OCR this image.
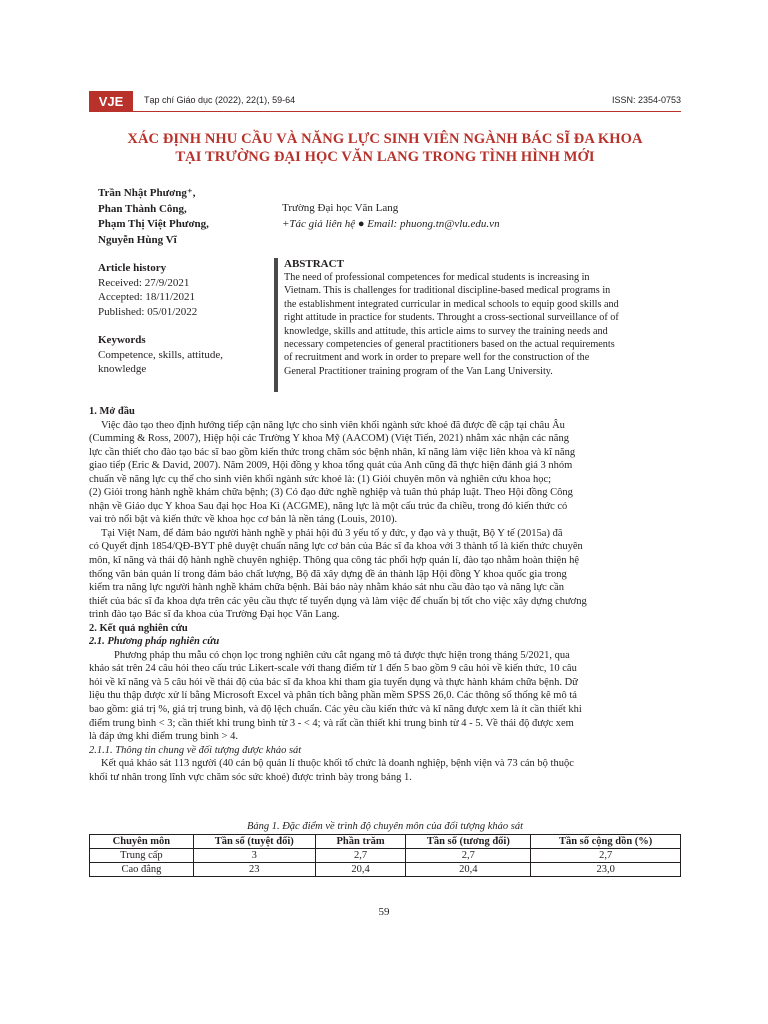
VJE	Tạp chí Giáo dục (2022), 22(1), 59-64	ISSN: 2354-0753
XÁC ĐỊNH NHU CẦU VÀ NĂNG LỰC SINH VIÊN NGÀNH BÁC SĨ ĐA KHOA
TẠI TRƯỜNG ĐẠI HỌC VĂN LANG TRONG TÌNH HÌNH MỚI
Trần Nhật Phương⁺,
Phan Thành Công,
Phạm Thị Việt Phương,
Nguyễn Hùng Vĩ
Trường Đại học Văn Lang
+Tác giả liên hệ ● Email: phuong.tn@vlu.edu.vn
Article history
Received: 27/9/2021
Accepted: 18/11/2021
Published: 05/01/2022
Keywords
Competence, skills, attitude,
knowledge
ABSTRACT
The need of professional competences for medical students is increasing in
Vietnam. This is challenges for traditional discipline-based medical programs in
the establishment integrated curricular in medical schools to equip good skills and
right attitude in practice for students. Throught a cross-sectional surveillance of of
knowledge, skills and attitude, this article aims to survey the training needs and
necessary competencies of general practitioners based on the actual requirements
of recruitment and work in order to prepare well for the construction of the
General Practitioner training program of the Van Lang University.
1. Mở đầu
Việc đào tạo theo định hướng tiếp cận năng lực cho sinh viên khối ngành sức khoẻ đã được đề cập tại châu Âu
(Cumming & Ross, 2007), Hiệp hội các Trường Y khoa Mỹ (AACOM) (Việt Tiến, 2021) nhằm xác nhận các năng
lực cần thiết cho đào tạo bác sĩ bao gồm kiến thức trong chăm sóc bệnh nhân, kĩ năng làm việc liên khoa và kĩ năng
giao tiếp (Eric & David, 2007). Năm 2009, Hội đồng y khoa tổng quát của Anh cũng đã thực hiện đánh giá 3 nhóm
chuẩn về năng lực cụ thể cho sinh viên khối ngành sức khoẻ là: (1) Giỏi chuyên môn và nghiên cứu khoa học;
(2) Giỏi trong hành nghề khám chữa bệnh; (3) Có đạo đức nghề nghiệp và tuân thủ pháp luật. Theo Hội đồng Công
nhận về Giáo dục Y khoa Sau đại học Hoa Kì (ACGME), năng lực là một cấu trúc đa chiều, trong đó kiến thức có
vai trò nổi bật và kiến thức về khoa học cơ bản là nền tảng (Louis, 2010).
Tại Việt Nam, để đảm bảo người hành nghề y phải hội đủ 3 yếu tố y đức, y đạo và y thuật, Bộ Y tế (2015a) đã
có Quyết định 1854/QĐ-BYT phê duyệt chuẩn năng lực cơ bản của Bác sĩ đa khoa với 3 thành tố là kiến thức chuyên
môn, kĩ năng và thái độ hành nghề chuyên nghiệp. Thông qua công tác phối hợp quản lí, đào tạo nhằm hoàn thiện hệ
thống văn bản quản lí trong đảm bảo chất lượng, Bộ đã xây dựng đề án thành lập Hội đồng Y khoa quốc gia trong
kiểm tra năng lực người hành nghề khám chữa bệnh. Bài báo này nhằm khảo sát nhu cầu đào tạo và năng lực cần
thiết của bác sĩ đa khoa dựa trên các yêu cầu thực tế tuyển dụng và làm việc để chuẩn bị tốt cho việc xây dựng chương
trình đào tạo Bác sĩ đa khoa của Trường Đại học Văn Lang.
2. Kết quả nghiên cứu
2.1. Phương pháp nghiên cứu
Phương pháp thu mẫu có chọn lọc trong nghiên cứu cắt ngang mô tả được thực hiện trong tháng 5/2021, qua
khảo sát trên 24 câu hỏi theo cấu trúc Likert-scale với thang điểm từ 1 đến 5 bao gồm 9 câu hỏi về kiến thức, 10 câu
hỏi về kĩ năng và 5 câu hỏi về thái độ của bác sĩ đa khoa khi tham gia tuyển dụng và thực hành khám chữa bệnh. Dữ
liệu thu thập được xử lí bằng Microsoft Excel và phân tích bằng phần mềm SPSS 26,0. Các thông số thống kê mô tả
bao gồm: giá trị %, giá trị trung bình, và độ lệch chuẩn. Các yêu cầu kiến thức và kĩ năng được xem là ít cần thiết khi
điểm trung bình < 3; cần thiết khi trung bình từ 3 - < 4; và rất cần thiết khi trung bình từ 4 - 5. Về thái độ được xem
là đáp ứng khi điểm trung bình > 4.
2.1.1. Thông tin chung về đối tượng được khảo sát
Kết quả khảo sát 113 người (40 cán bộ quản lí thuộc khối tổ chức là doanh nghiệp, bệnh viện và 73 cán bộ thuộc
khối tư nhân trong lĩnh vực chăm sóc sức khoẻ) được trình bày trong bảng 1.
Bảng 1. Đặc điểm về trình độ chuyên môn của đối tượng khảo sát
Chuyên môn	Tần số (tuyệt đối)	Phần trăm	Tần số (tương đối)	Tần số cộng dồn (%)
Trung cấp	3	2,7	2,7	2,7
Cao đẳng	23	20,4	20,4	23,0
59
